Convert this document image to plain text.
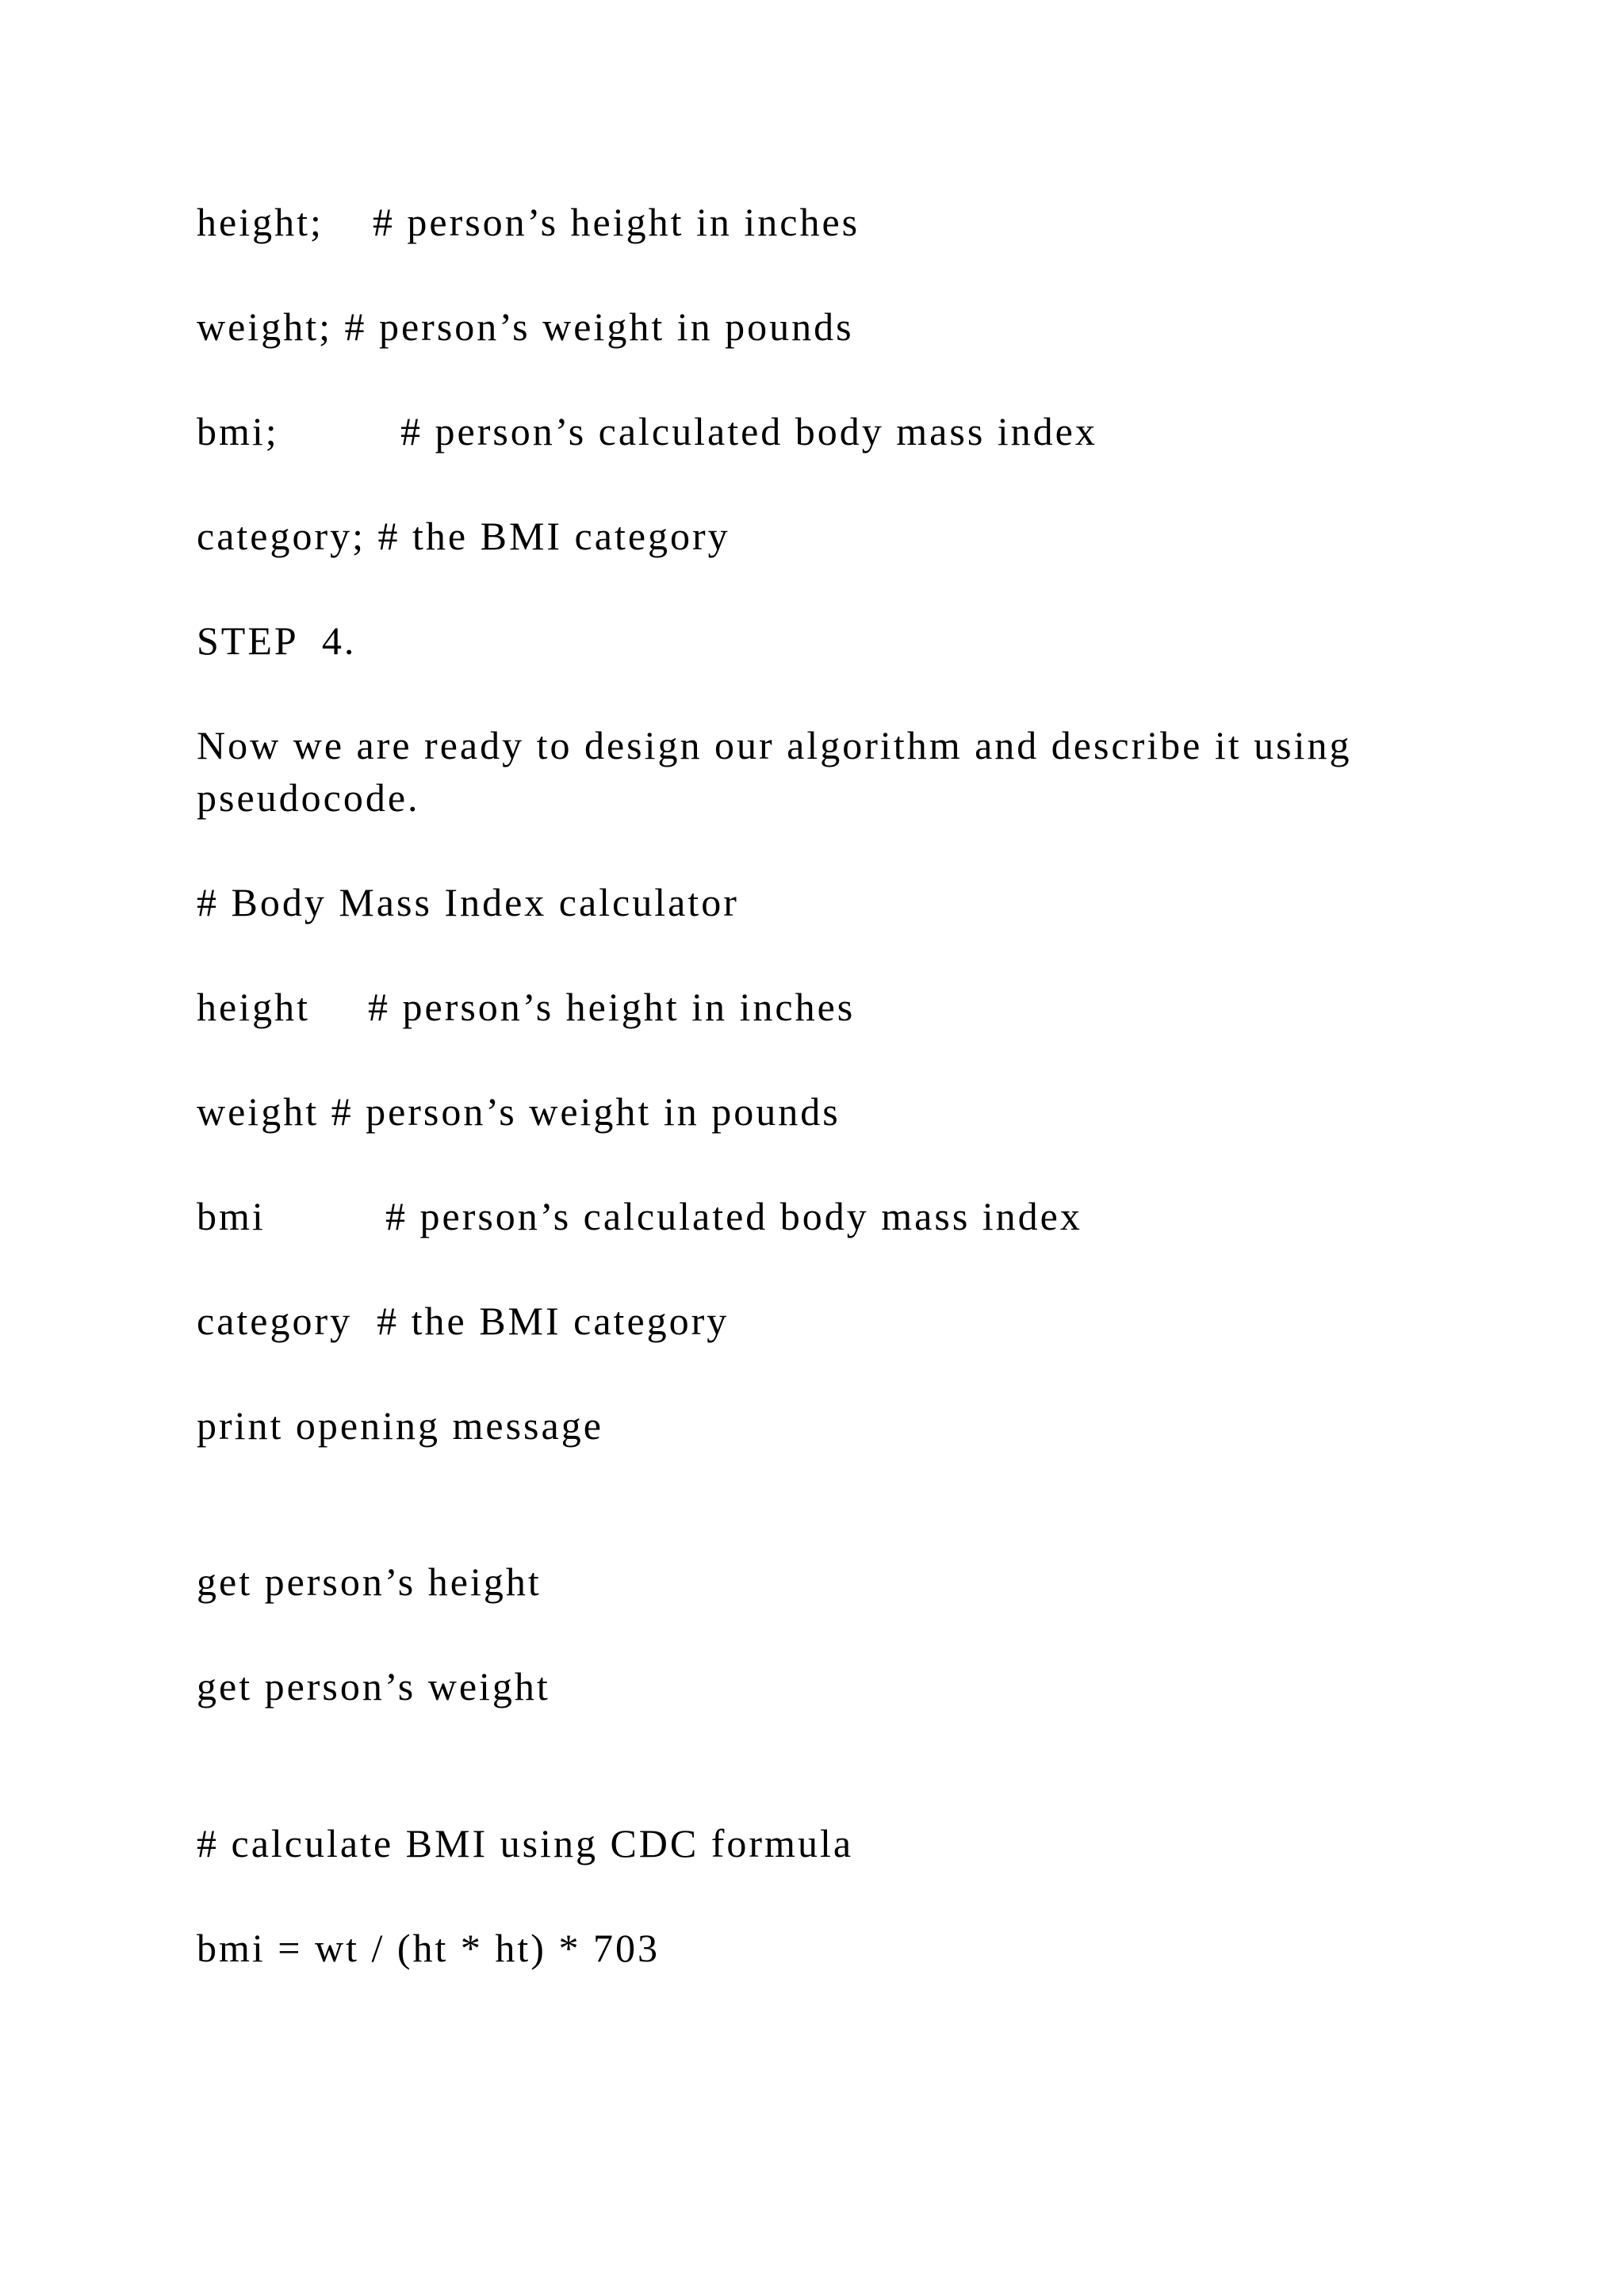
height; # person’s height in inches

weight; # person’s weight in pounds

bmi;	# person’s calculated body mass index

category; # the BMI category

STEP  4.

Now we are ready to design our algorithm and describe it using pseudocode.

# Body Mass Index calculator

height # person’s height in inches

weight # person’s weight in pounds

bmi	# person’s calculated body mass index

category # the BMI category

print opening message

get person’s height

get person’s weight

# calculate BMI using CDC formula

bmi = wt / (ht * ht) * 703
